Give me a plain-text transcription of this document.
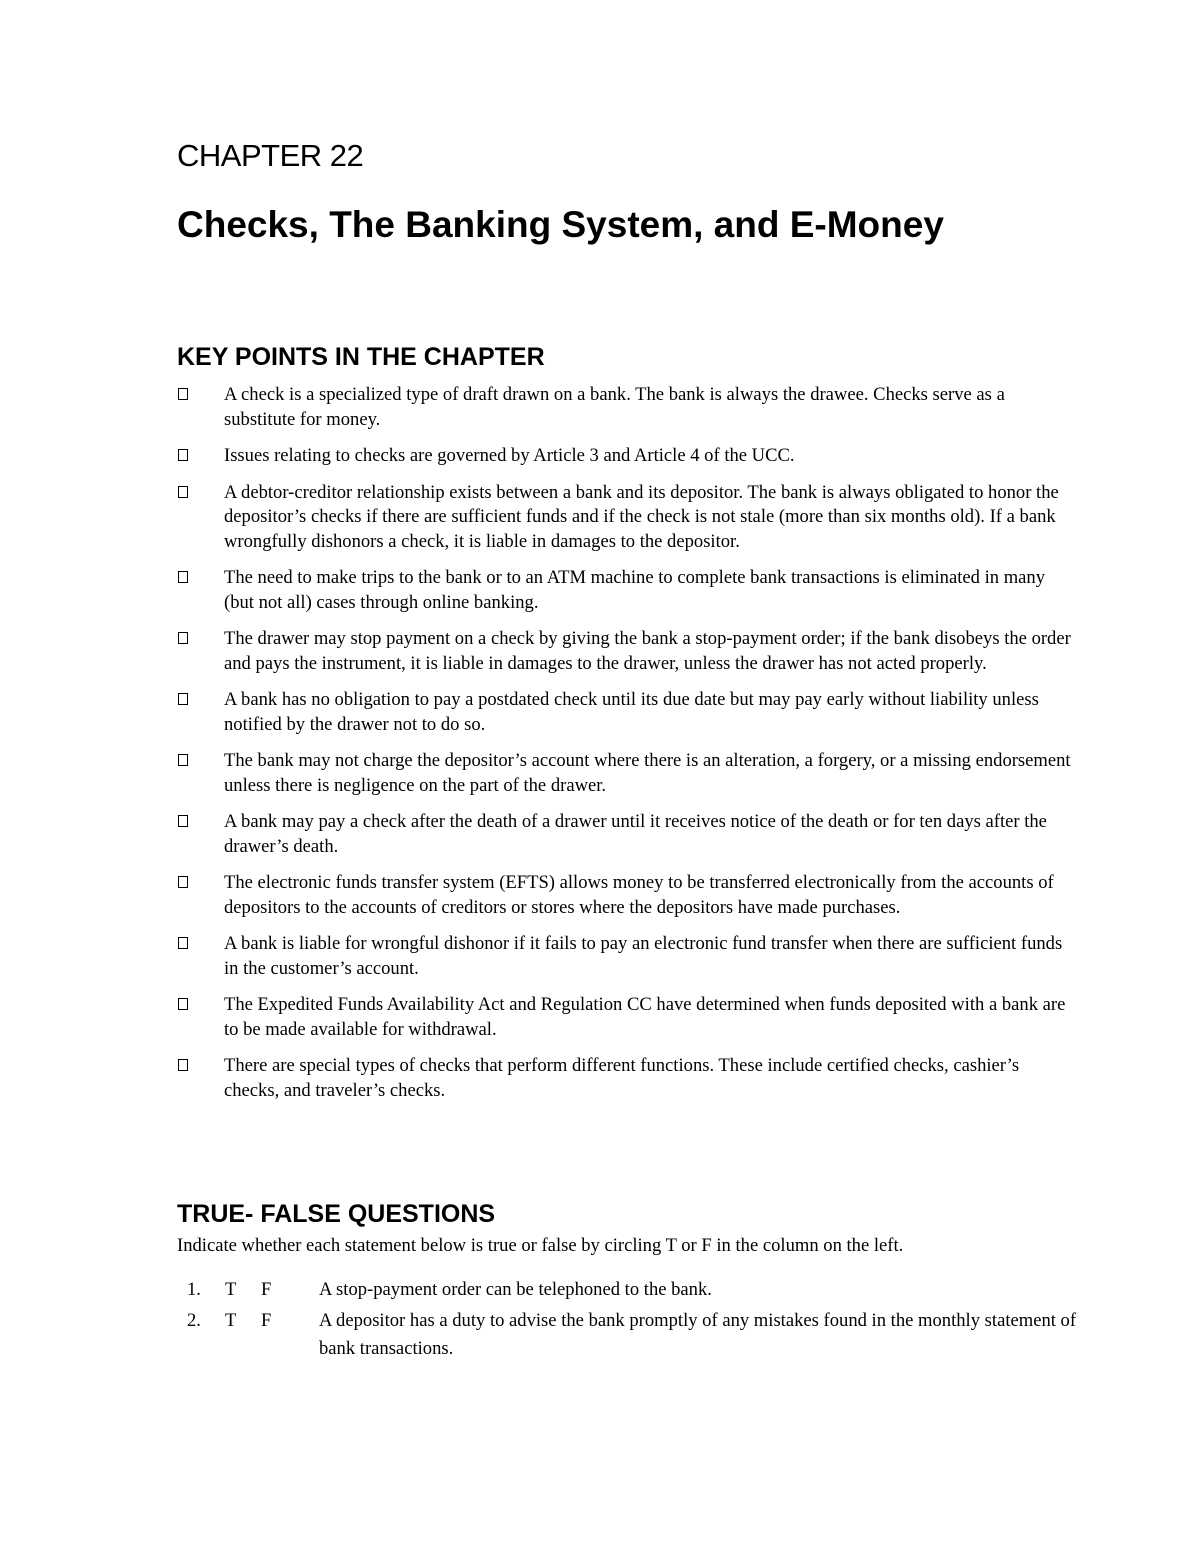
CHAPTER 22
Checks, The Banking System, and E-Money
KEY POINTS IN THE CHAPTER
A check is a specialized type of draft drawn on a bank. The bank is always the drawee. Checks serve as a substitute for money.
Issues relating to checks are governed by Article 3 and Article 4 of the UCC.
A debtor-creditor relationship exists between a bank and its depositor. The bank is always obligated to honor the depositor’s checks if there are sufficient funds and if the check is not stale (more than six months old). If a bank wrongfully dishonors a check, it is liable in damages to the depositor.
The need to make trips to the bank or to an ATM machine to complete bank transactions is eliminated in many (but not all) cases through online banking.
The drawer may stop payment on a check by giving the bank a stop-payment order; if the bank disobeys the order and pays the instrument, it is liable in damages to the drawer, unless the drawer has not acted properly.
A bank has no obligation to pay a postdated check until its due date but may pay early without liability unless notified by the drawer not to do so.
The bank may not charge the depositor’s account where there is an alteration, a forgery, or a missing endorsement unless there is negligence on the part of the drawer.
A bank may pay a check after the death of a drawer until it receives notice of the death or for ten days after the drawer’s death.
The electronic funds transfer system (EFTS) allows money to be transferred electronically from the accounts of depositors to the accounts of creditors or stores where the depositors have made purchases.
A bank is liable for wrongful dishonor if it fails to pay an electronic fund transfer when there are sufficient funds in the customer’s account.
The Expedited Funds Availability Act and Regulation CC have determined when funds deposited with a bank are to be made available for withdrawal.
There are special types of checks that perform different functions. These include certified checks, cashier’s checks, and traveler’s checks.
TRUE- FALSE QUESTIONS
Indicate whether each statement below is true or false by circling T or F in the column on the left.
1. T F	A stop-payment order can be telephoned to the bank.
2. T F	A depositor has a duty to advise the bank promptly of any mistakes found in the monthly statement of bank transactions.
